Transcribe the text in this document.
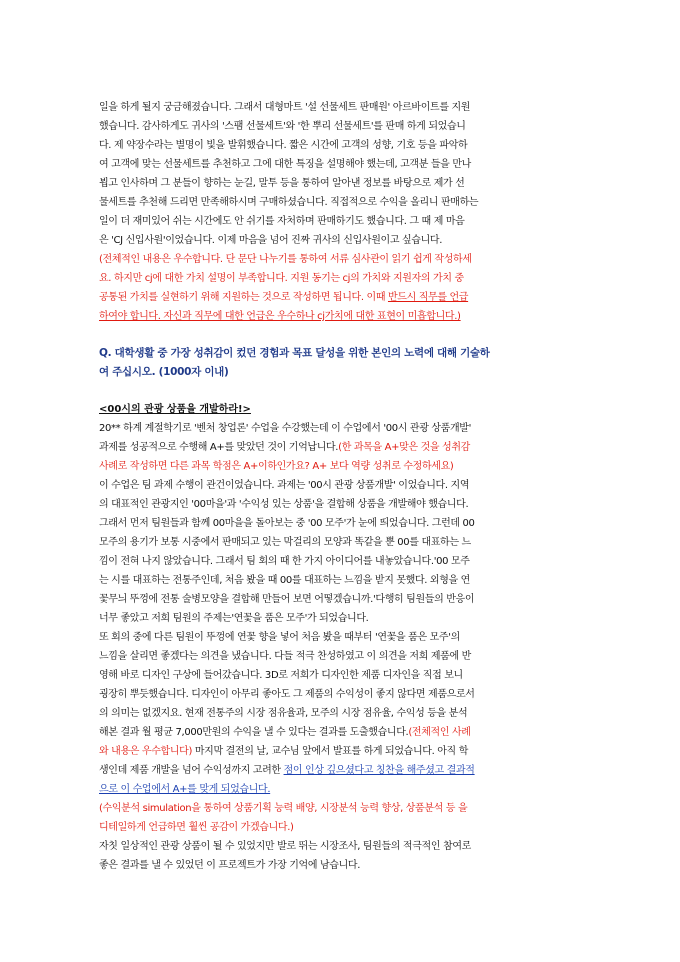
일을 하게 될지 궁금해졌습니다. 그래서 대형마트 '설 선물세트 판매원' 아르바이트를 지원
했습니다. 감사하게도 귀사의 '스팸 선물세트'와 '한 뿌리 선물세트'를 판매 하게 되었습니
다. 제 약장수라는 별명이 빛을 발휘했습니다. 짧은 시간에 고객의 성향, 기호 등을 파악하
여 고객에 맞는 선물세트를 추천하고 그에 대한 특징을 설명해야 했는데, 고객분 들을 만나
뵙고 인사하며 그 분들이 향하는 눈길, 말투 등을 통하여 알아낸 정보를 바탕으로 제가 선
물세트를 추천해 드리면 만족해하시며 구매하셨습니다. 직접적으로 수익을 올리니 판매하는
일이 더 재미있어 쉬는 시간에도 안 쉬기를 자처하며 판매하기도 했습니다. 그 때 제 마음
은 'CJ 신입사원'이었습니다. 이제 마음을 넘어 진짜 귀사의 신입사원이고 싶습니다.

(전체적인 내용은 우수합니다. 단 문단 나누기를 통하여 서류 심사관이 읽기 쉽게 작성하세
요. 하지만 cj에 대한 가치 설명이 부족합니다. 지원 동기는 cj의 가치와 지원자의 가치 중
공통된 가치를 실현하기 위해 지원하는 것으로 작성하면 됩니다. 이때 반드시 직무를 언급
하여야 합니다. 자신과 직무에 대한 언급은 우수하나 cj가치에 대한 표현이 미흡합니다.)

Q. 대학생활 중 가장 성취감이 컸던 경험과 목표 달성을 위한 본인의 노력에 대해 기술하
여 주십시오. (1000자 이내)
<00시의 관광 상품을 개발하라!>

20** 하계 계절학기로 '벤처 창업론' 수업을 수강했는데 이 수업에서 '00시 관광 상품개발'
과제를 성공적으로 수행해 A+를 맞았던 것이 기억납니다.(한 과목을 A+맞은 것을 성취감
사례로 작성하면 다른 과목 학점은 A+이하인가요? A+ 보다 역량 성취로 수정하세요)

이 수업은 팀 과제 수행이 관건이었습니다. 과제는 '00시 관광 상품개발' 이었습니다. 지역
의 대표적인 관광지인 '00마을'과 '수익성 있는 상품'을 결합해 상품을 개발해야 했습니다.
그래서 먼저 팀원들과 함께 00마을을 돌아보는 중 '00 모주'가 눈에 띄었습니다. 그런데 00
모주의 용기가 보통 시중에서 판매되고 있는 막걸리의 모양과 똑같을 뿐 00를 대표하는 느
낌이 전혀 나지 않았습니다. 그래서 팀 회의 때 한 가지 아이디어를 내놓았습니다.'00 모주
는 시를 대표하는 전통주인데, 처음 봤을 때 00를 대표하는 느낌을 받지 못했다. 외형을 연
꽃무늬 뚜껑에 전통 술병모양을 결합해 만들어 보면 어떻겠습니까.'다행히 팀원들의 반응이
너무 좋았고 저희 팀원의 주제는'연꽃을 품은 모주'가 되었습니다.

또 회의 중에 다른 팀원이 뚜껑에 연꽃 향을 넣어 처음 봤을 때부터 '연꽃을 품은 모주'의
느낌을 살리면 좋겠다는 의견을 냈습니다. 다들 적극 찬성하였고 이 의견을 저희 제품에 반
영해 바로 디자인 구상에 들어갔습니다. 3D로 저희가 디자인한 제품 디자인을 직접 보니
굉장히 뿌듯했습니다. 디자인이 아무리 좋아도 그 제품의 수익성이 좋지 않다면 제품으로서
의 의미는 없겠지요. 현재 전통주의 시장 점유율과, 모주의 시장 점유율, 수익성 등을 분석
해본 결과 월 평균 7,000만원의 수익을 낼 수 있다는 결과를 도출했습니다.(전체적인 사례
와 내용은 우수합니다) 마지막 결전의 날, 교수님 앞에서 발표를 하게 되었습니다. 아직 학
생인데 제품 개발을 넘어 수익성까지 고려한 점이 인상 깊으셨다고 칭찬을 해주셨고 결과적
으로 이 수업에서 A+를 맞게 되었습니다.

(수익분석 simulation을 통하여 상품기획 능력 배양, 시장분석 능력 향상, 상품분석 등 을
디테일하게 언급하면 훨씬 공감이 가겠습니다.)

자칫 일상적인 관광 상품이 될 수 있었지만 발로 뛰는 시장조사, 팀원들의 적극적인 참여로
좋은 결과를 낼 수 있었던 이 프로젝트가 가장 기억에 남습니다.
